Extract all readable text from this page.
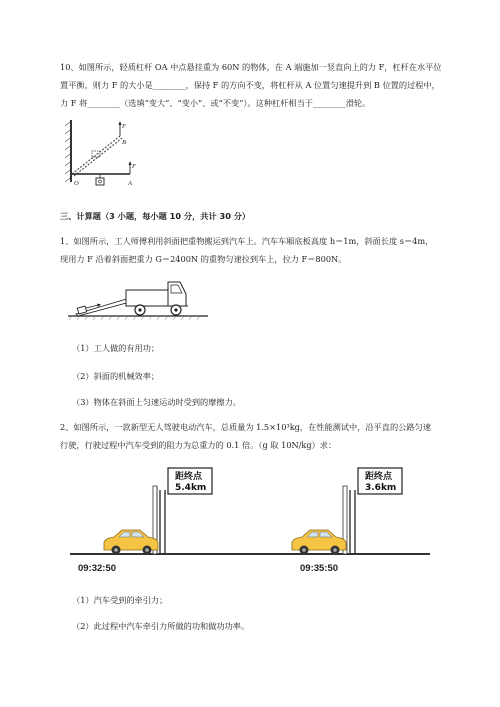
10、如图所示，轻质杠杆 OA 中点悬挂重为 60N 的物体，在 A 端施加一竖直向上的力 F，杠杆在水平位
置平衡，则力 F 的大小是________，保持 F 的方向不变，将杠杆从 A 位置匀速提升到 B 位置的过程中，
力 F 将________（选填“变大”、“变小”、或“不变”）。这种杠杆相当于________滑轮。
F
B
F
O	A
三、计算题（3 小题，每小题 10 分，共计 30 分）
1、如图所示，工人师傅利用斜面把重物搬运到汽车上。汽车车厢底板高度 h＝1m，斜面长度 s＝4m，
现用力 F 沿着斜面把重力 G＝2400N 的重物匀速拉到车上，拉力 F＝800N。
（1）工人做的有用功；
（2）斜面的机械效率；
（3）物体在斜面上匀速运动时受到的摩擦力。
2、如图所示，一款新型无人驾驶电动汽车，总质量为 1.5×10³kg，在性能测试中，沿平直的公路匀速
行驶，行驶过程中汽车受到的阻力为总重力的 0.1 倍。（g 取 10N/kg）求：
距终点
5.4km
距终点
3.6km
09:32:50	09:35:50
（1）汽车受到的牵引力；
（2）此过程中汽车牵引力所做的功和做功功率。
